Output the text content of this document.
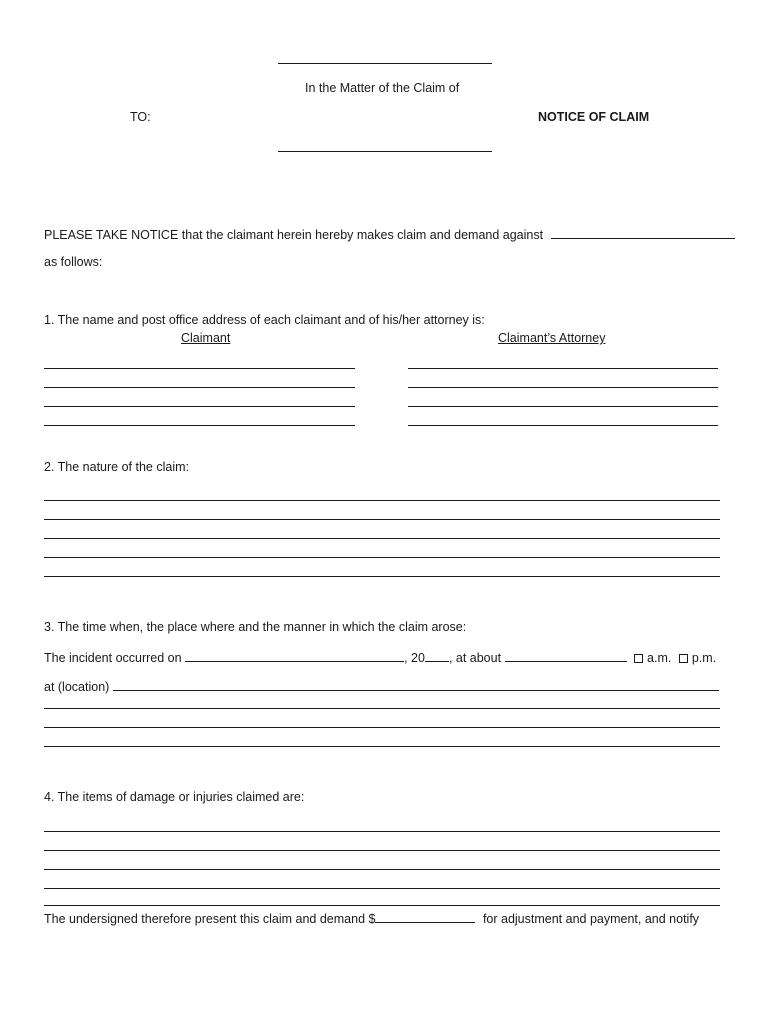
In the Matter of the Claim of
TO:	NOTICE OF CLAIM
PLEASE TAKE NOTICE that the claimant herein hereby makes claim and demand against
as follows:
1. The name and post office address of each claimant and of his/her attorney is:
Claimant	Claimant’s Attorney
2. The nature of the claim:
3. The time when, the place where and the manner in which the claim arose:
The incident occurred on	, 20 , at about	a.m. p.m.
at (location)
4. The items of damage or injuries claimed are:
The undersigned therefore present this claim and demand $	for adjustment and payment, and notify
